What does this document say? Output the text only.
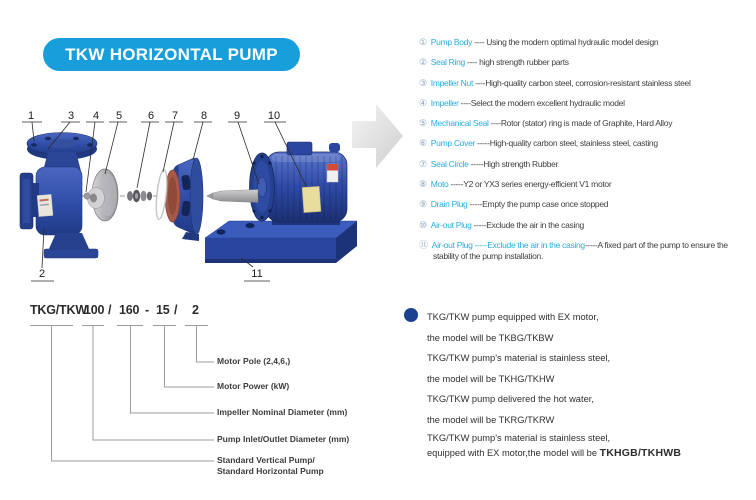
TKW HORIZONTAL PUMP
1	3 4 5 6 7 8 9	10
2	11
① Pump Body ---- Using the modern optimal hydraulic model design
② Seal Ring ---- high strength rubber parts
③ Impeller Nut ----High-quality carbon steel, corrosion-resistant stainless steel
④ Impeller ----Select the modern excellent hydraulic model
⑤ Mechanical Seal ----Rotor (stator) ring is made of Graphite, Hard Alloy
⑥ Pump Cover -----High-quality carbon steel, stainless steel, casting
⑦ Seal Circle -----High strength Rubber
⑧ Moto -----Y2 or YX3 series energy-efficient V1 motor
⑨ Drain Plug -----Empty the pump case once stopped
⑩ Air-out Plug -----Exclude the air in the casing
⑪ Air-out Plug -----Exclude the air in the casing-----A fixed part of the pump to ensure the stability of the pump installation.
TKG/TKW
100 / 160 - 15 / 2
Motor Pole (2,4,6,)
Motor Power (kW)
Impeller Nominal Diameter (mm)
Pump Inlet/Outlet Diameter (mm)
Standard Vertical Pump/
Standard Horizontal Pump
TKG/TKW pump equipped with EX motor,
the model will be TKBG/TKBW
TKG/TKW pump's material is stainless steel,
the model will be TKHG/TKHW
TKG/TKW pump delivered the hot water,
the model will be TKRG/TKRW
TKG/TKW pump's material is stainless steel,
equipped with EX motor,the model will be TKHGB/TKHWB
